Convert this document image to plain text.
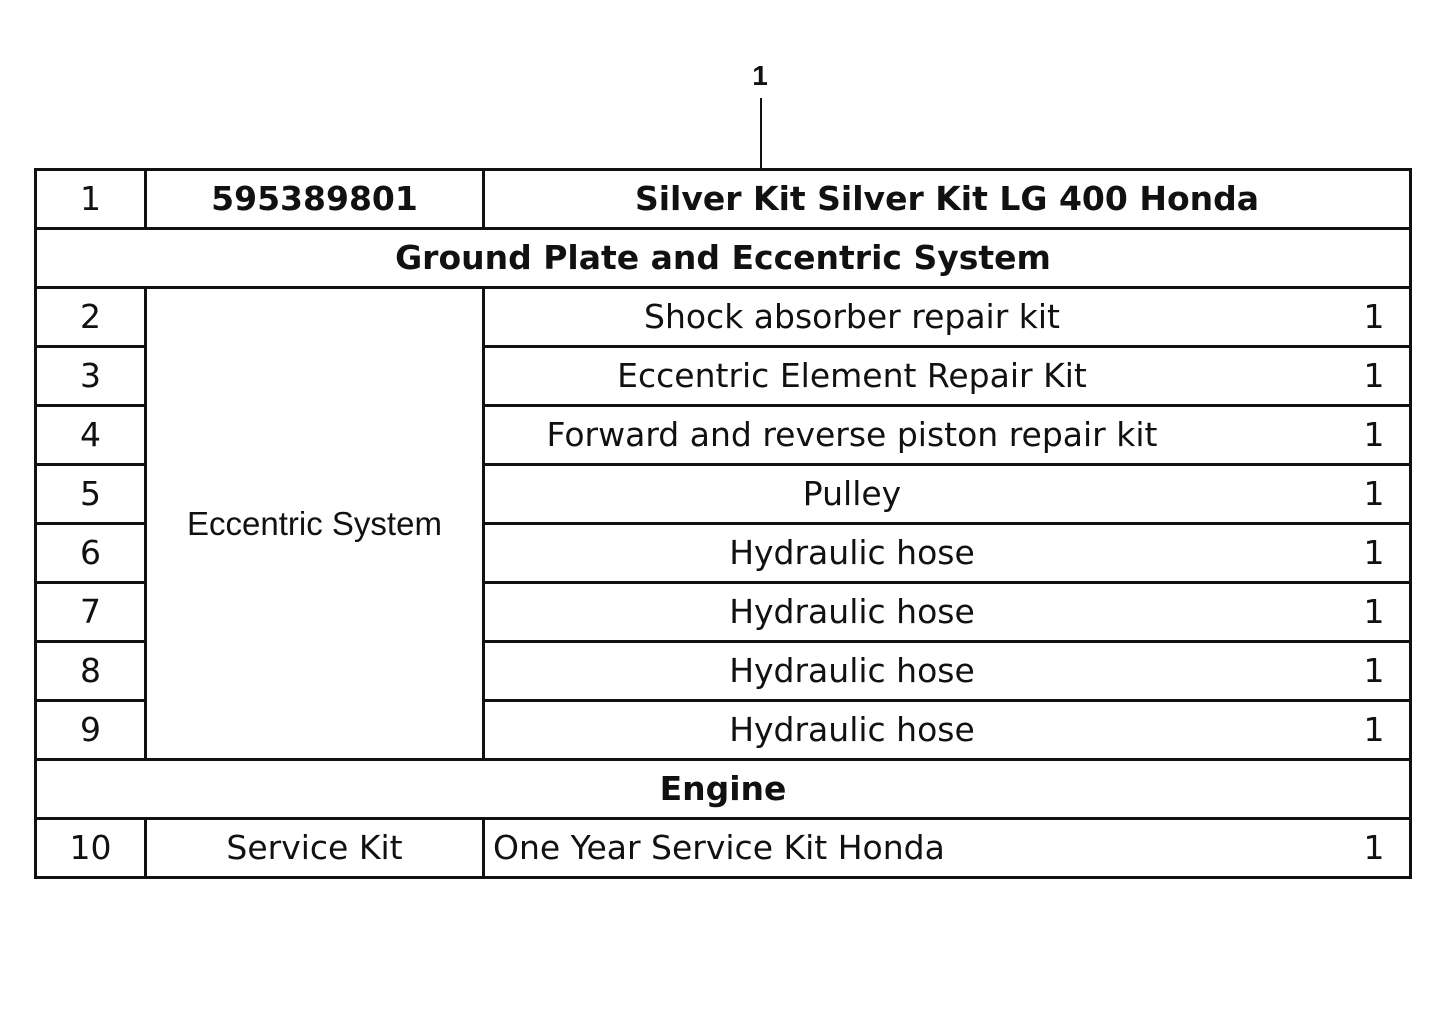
1
1	595389801	Silver Kit Silver Kit LG 400 Honda
Ground Plate and Eccentric System		
2	Eccentric System	Shock absorber repair kit 1

3		Eccentric Element Repair Kit 1

4		Forward and reverse piston repair kit 1

5		Pulley 1

6		Hydraulic hose 1

7		Hydraulic hose 1

8		Hydraulic hose 1

9		Hydraulic hose 1

Engine		
10	Service Kit	One Year Service Kit Honda 1
